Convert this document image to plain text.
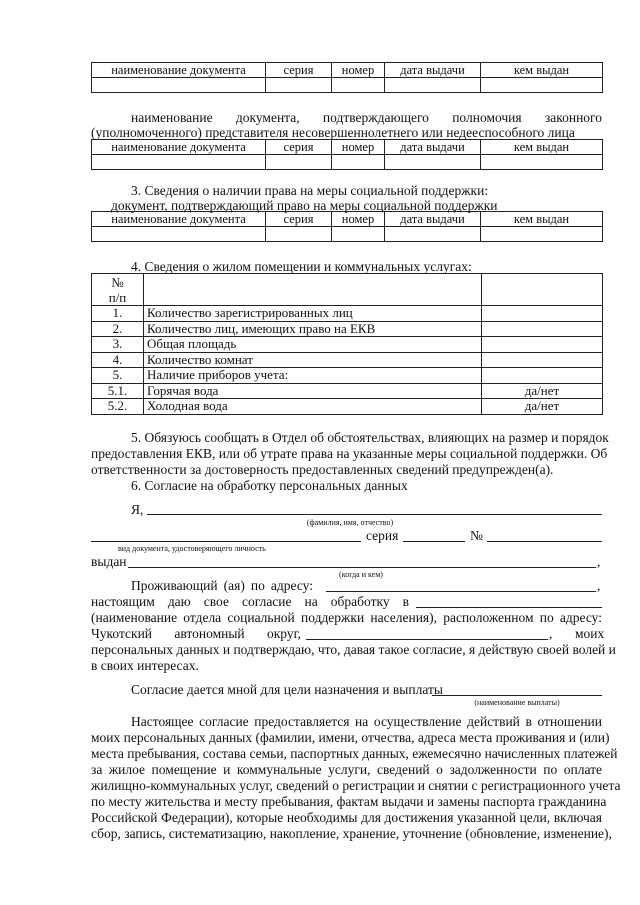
наименование документа	серия	номер	дата выдачи	кем выдан

наименование документа, подтверждающего полномочия законного
(уполномоченного) представителя несовершеннолетнего или недееспособного лица
наименование документа	серия	номер	дата выдачи	кем выдан

3. Сведения о наличии права на меры социальной поддержки:
документ, подтверждающий право на меры социальной поддержки
наименование документа	серия	номер	дата выдачи	кем выдан

4. Сведения о жилом помещении и коммунальных услугах:
№
п/п		
1.	Количество зарегистрированных лиц	
2.	Количество лиц, имеющих право на ЕКВ	
3.	Общая площадь	
4.	Количество комнат	
5.	Наличие приборов учета:	
5.1.	Горячая вода	да/нет
5.2.	Холодная вода	да/нет
5. Обязуюсь сообщать в Отдел об обстоятельствах, влияющих на размер и порядок
предоставления ЕКВ, или об утрате права на указанные меры социальной поддержки. Об
ответственности за достоверность предоставленных сведений предупрежден(а).
6. Согласие на обработку персональных данных
Я,
(фамилия, имя, отчество)
серия	№
вид документа, удостоверяющего личность
выдан	,
(когда и кем)
Проживающий (ая) по адресу:	,
настоящим даю свое согласие на обработку в
(наименование отдела социальной поддержки населения), расположенном по адресу:
Чукотский автономный округ,	, моих
персональных данных и подтверждаю, что, давая такое согласие, я действую своей волей и
в своих интересах.
Согласие дается мной для цели назначения и выплаты
(наименование выплаты)
Настоящее согласие предоставляется на осуществление действий в отношении
моих персональных данных (фамилии, имени, отчества, адреса места проживания и (или)
места пребывания, состава семьи, паспортных данных, ежемесячно начисленных платежей
за жилое помещение и коммунальные услуги, сведений о задолженности по оплате
жилищно-коммунальных услуг, сведений о регистрации и снятии с регистрационного учета
по месту жительства и месту пребывания, фактам выдачи и замены паспорта гражданина
Российской Федерации), которые необходимы для достижения указанной цели, включая
сбор, запись, систематизацию, накопление, хранение, уточнение (обновление, изменение),
